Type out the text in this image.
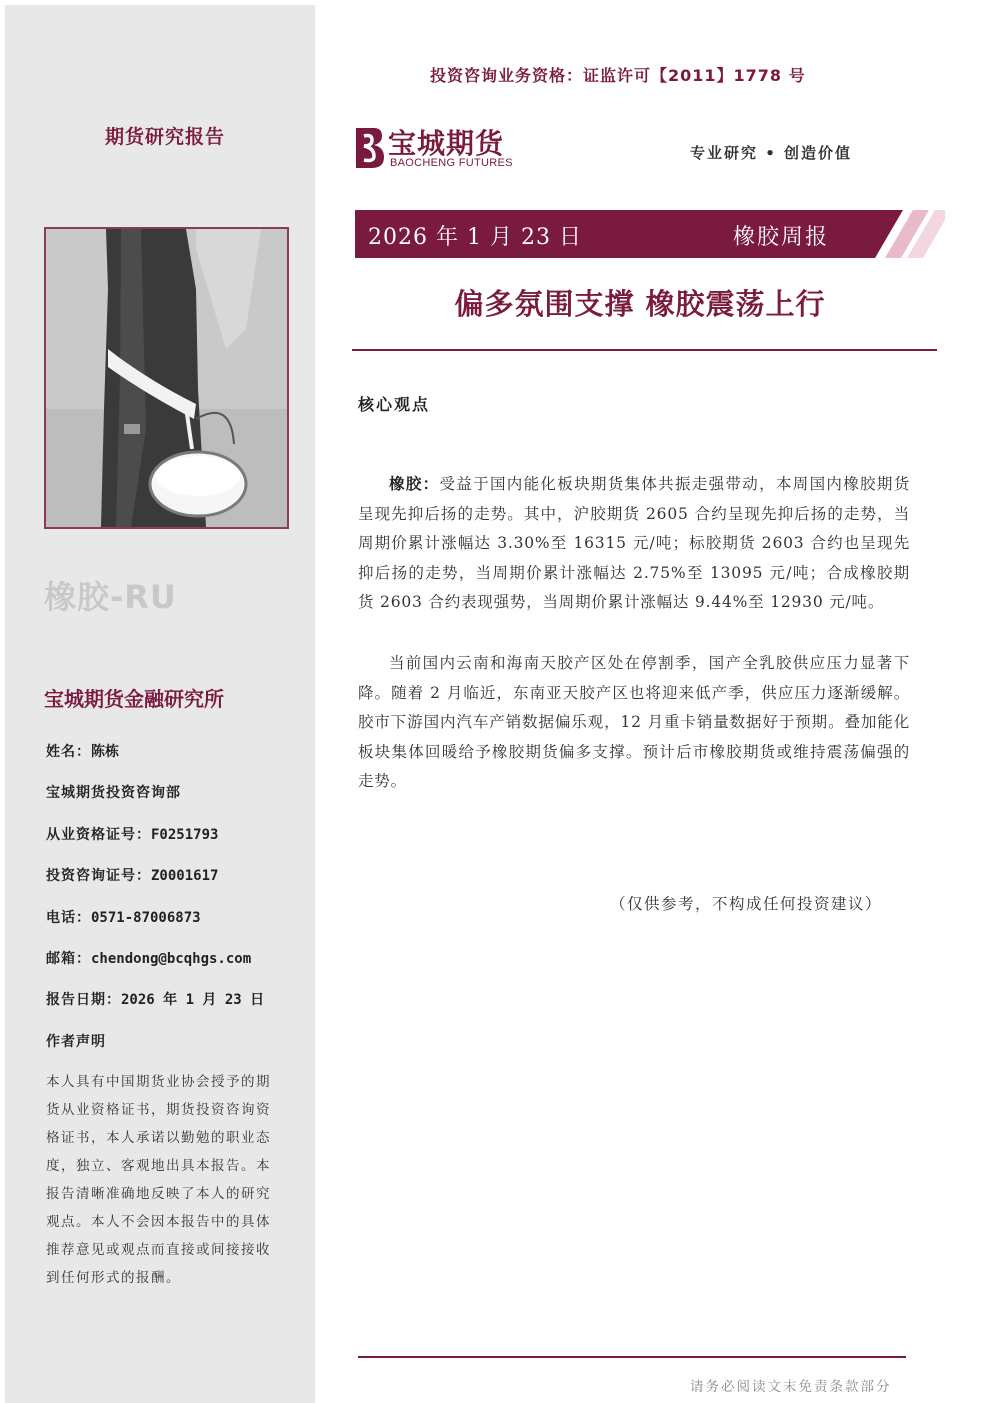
期货研究报告
橡胶-RU
宝城期货金融研究所
姓名：陈栋
宝城期货投资咨询部
从业资格证号：F0251793
投资咨询证号：Z0001617
电话：0571-87006873
邮箱：chendong@bcqhgs.com
报告日期：2026 年 1 月 23 日
作者声明
本人具有中国期货业协会授予的期货从业资格证书，期货投资咨询资格证书，本人承诺以勤勉的职业态度，独立、客观地出具本报告。本报告清晰准确地反映了本人的研究观点。本人不会因本报告中的具体推荐意见或观点而直接或间接接收到任何形式的报酬。
投资咨询业务资格：证监许可【2011】1778 号
宝城期货
BAOCHENG FUTURES
专业研究 • 创造价值
2026 年 1 月 23 日	橡胶周报
偏多氛围支撑 橡胶震荡上行
核心观点
橡胶：受益于国内能化板块期货集体共振走强带动，本周国内橡胶期货呈现先抑后扬的走势。其中，沪胶期货 2605 合约呈现先抑后扬的走势，当周期价累计涨幅达 3.30%至 16315 元/吨；标胶期货 2603 合约也呈现先抑后扬的走势，当周期价累计涨幅达 2.75%至 13095 元/吨；合成橡胶期货 2603 合约表现强势，当周期价累计涨幅达 9.44%至 12930 元/吨。
当前国内云南和海南天胶产区处在停割季，国产全乳胶供应压力显著下降。随着 2 月临近，东南亚天胶产区也将迎来低产季，供应压力逐渐缓解。胶市下游国内汽车产销数据偏乐观，12 月重卡销量数据好于预期。叠加能化板块集体回暖给予橡胶期货偏多支撑。预计后市橡胶期货或维持震荡偏强的走势。
（仅供参考，不构成任何投资建议）
请务必阅读文末免责条款部分
